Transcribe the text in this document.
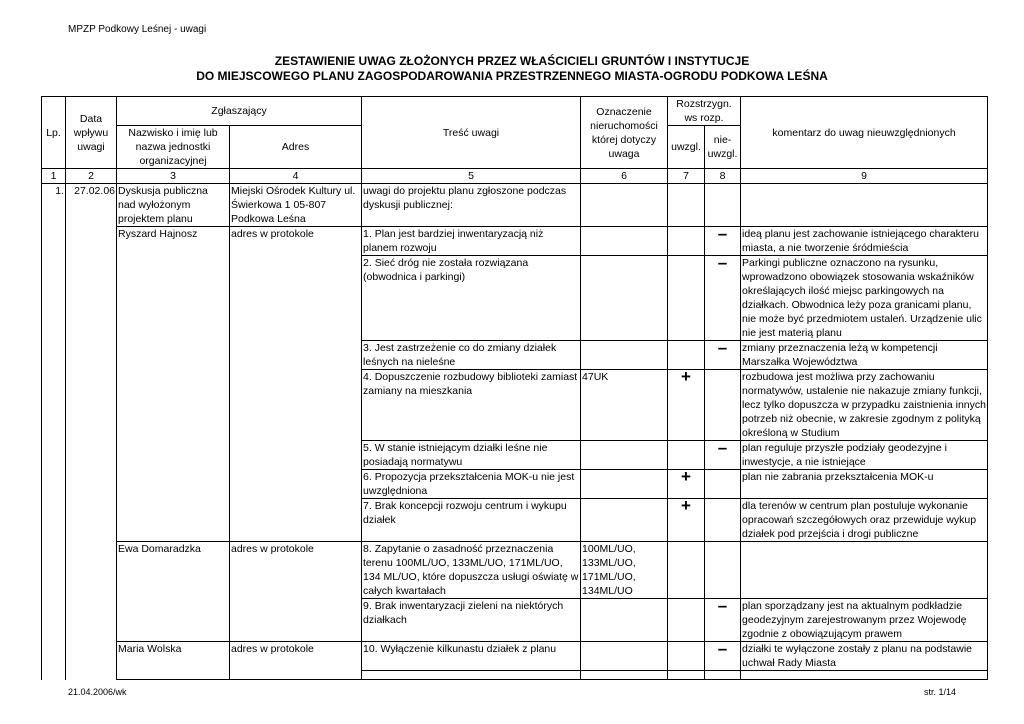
MPZP Podkowy Leśnej - uwagi
ZESTAWIENIE UWAG ZŁOŻONYCH PRZEZ WŁAŚCICIELI GRUNTÓW I INSTYTUCJE
DO MIEJSCOWEGO PLANU ZAGOSPODAROWANIA PRZESTRZENNEGO MIASTA-OGRODU PODKOWA LEŚNA
Lp.	Data wpływu uwagi	Zgłaszający		Treść uwagi	Oznaczenie nieruchomości której dotyczy uwaga	Rozstrzygn. ws rozp.		komentarz do uwag nieuwzględnionych
		Nazwisko i imię lub nazwa jednostki organizacyjnej	Adres			uwzgl.	nie-uwzgl.	

1	2	3	4	5	6	7	8	9
1.	27.02.06	Dyskusja publiczna nad wyłożonym projektem planu	Miejski Ośrodek Kultury ul. Świerkowa 1 05-807 Podkowa Leśna	uwagi do projektu planu zgłoszone podczas dyskusji publicznej:				
		Ryszard Hajnosz	adres w protokole	1. Plan jest bardziej inwentaryzacją niż planem rozwoju			–	ideą planu jest zachowanie istniejącego charakteru miasta, a nie tworzenie śródmieścia
				2. Sieć dróg nie została rozwiązana (obwodnica i parkingi)			–	Parkingi publiczne oznaczono na rysunku, wprowadzono obowiązek stosowania wskaźników określających ilość miejsc parkingowych na działkach. Obwodnica leży poza granicami planu, nie może być przedmiotem ustaleń. Urządzenie ulic nie jest materią planu
				3. Jest zastrzeżenie co do zmiany działek leśnych na nieleśne			–	zmiany przeznaczenia leżą w kompetencji Marszałka Województwa
				4. Dopuszczenie rozbudowy biblioteki zamiast zamiany na mieszkania	47UK	+		rozbudowa jest możliwa przy zachowaniu normatywów, ustalenie nie nakazuje zmiany funkcji, lecz tylko dopuszcza w przypadku zaistnienia innych potrzeb niż obecnie, w zakresie zgodnym z polityką określoną w Studium
				5. W stanie istniejącym działki leśne nie posiadają normatywu			–	plan reguluje przyszłe podziały geodezyjne i inwestycje, a nie istniejące
				6. Propozycja przekształcenia MOK-u nie jest uwzględniona		+		plan nie zabrania przekształcenia MOK-u
				7. Brak koncepcji rozwoju centrum i wykupu działek		+		dla terenów w centrum plan postuluje wykonanie opracowań szczegółowych oraz przewiduje wykup działek pod przejścia i drogi publiczne
		Ewa Domaradzka	adres w protokole	8. Zapytanie o zasadność przeznaczenia terenu 100ML/UO, 133ML/UO, 171ML/UO, 134 ML/UO, które dopuszcza usługi oświatę w całych kwartałach	100ML/UO, 133ML/UO, 171ML/UO, 134ML/UO			
				9. Brak inwentaryzacji zieleni na niektórych działkach			–	plan sporządzany jest na aktualnym podkładzie geodezyjnym zarejestrowanym przez Wojewodę zgodnie z obowiązującym prawem
		Maria Wolska	adres w protokole	10. Wyłączenie kilkunastu działek z planu			–	działki te wyłączone zostały z planu na podstawie uchwał Rady Miasta

21.04.2006/wk	str. 1/14
